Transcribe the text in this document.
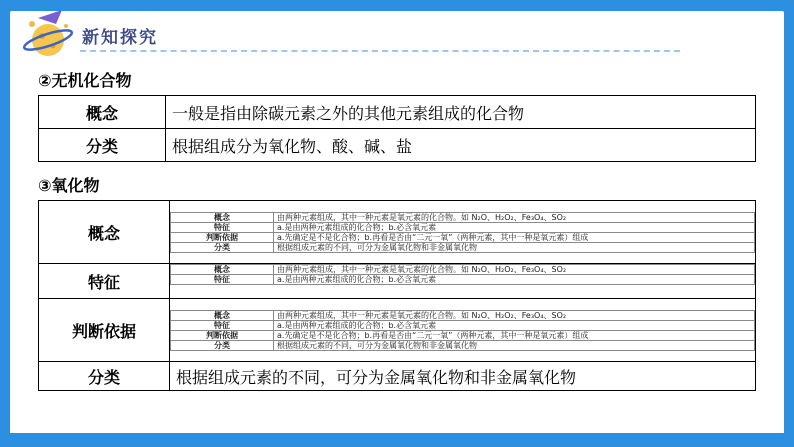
新知探究
②无机化合物
概念	一般是指由除碳元素之外的其他元素组成的化合物
分类	根据组成分为氧化物、酸、碱、盐
③氧化物
概念	
概念	由两种元素组成，其中一种元素是氧元素的化合物。如 N₂O、H₂O₂、Fe₃O₄、SO₂
特征	a.是由两种元素组成的化合物；b.必含氧元素
判断依据	a.先确定是不是化合物；b.再看是否由“二元一氧”（两种元素，其中一种是氧元素）组成
分类	根据组成元素的不同，可分为金属氧化物和非金属氧化物

特征	
概念	由两种元素组成，其中一种元素是氧元素的化合物。如 N₂O、H₂O₂、Fe₃O₄、SO₂
特征	a.是由两种元素组成的化合物；b.必含氧元素

判断依据	
概念	由两种元素组成，其中一种元素是氧元素的化合物。如 N₂O、H₂O₂、Fe₃O₄、SO₂
特征	a.是由两种元素组成的化合物；b.必含氧元素
判断依据	a.先确定是不是化合物；b.再看是否由“二元一氧”（两种元素，其中一种是氧元素）组成
分类	根据组成元素的不同，可分为金属氧化物和非金属氧化物

分类	根据组成元素的不同，可分为金属氧化物和非金属氧化物
